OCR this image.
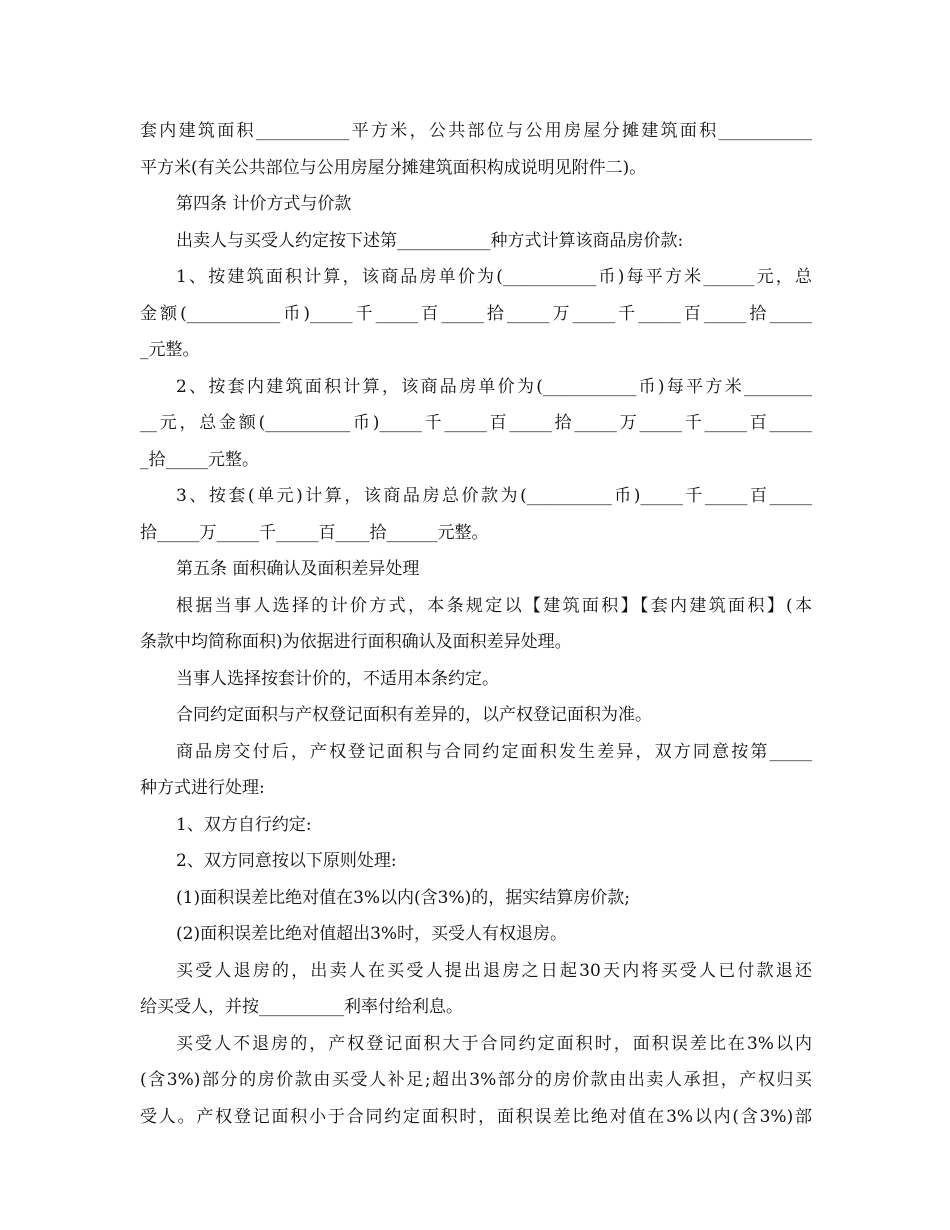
套内建筑面积___________平方米，公共部位与公用房屋分摊建筑面积___________
平方米(有关公共部位与公用房屋分摊建筑面积构成说明见附件二)。
第四条 计价方式与价款
出卖人与买受人约定按下述第___________种方式计算该商品房价款:
1、按建筑面积计算，该商品房单价为(___________币)每平方米______元，总
金额(___________币)_____千_____百_____拾_____万_____千_____百_____拾_____
_元整。
2、按套内建筑面积计算，该商品房单价为(___________币)每平方米________
__元，总金额(__________币)_____千_____百_____拾_____万_____千_____百_____
_拾_____元整。
3、按套(单元)计算，该商品房总价款为(__________币)_____千_____百_____
拾_____万_____千_____百____拾______元整。
第五条 面积确认及面积差异处理
根据当事人选择的计价方式，本条规定以【建筑面积】【套内建筑面积】(本
条款中均简称面积)为依据进行面积确认及面积差异处理。
当事人选择按套计价的，不适用本条约定。
合同约定面积与产权登记面积有差异的，以产权登记面积为准。
商品房交付后，产权登记面积与合同约定面积发生差异，双方同意按第_____
种方式进行处理:
1、双方自行约定:
2、双方同意按以下原则处理:
(1)面积误差比绝对值在3%以内(含3%)的，据实结算房价款;
(2)面积误差比绝对值超出3%时，买受人有权退房。
买受人退房的，出卖人在买受人提出退房之日起30天内将买受人已付款退还
给买受人，并按__________利率付给利息。
买受人不退房的，产权登记面积大于合同约定面积时，面积误差比在3%以内
(含3%)部分的房价款由买受人补足;超出3%部分的房价款由出卖人承担，产权归买
受人。产权登记面积小于合同约定面积时，面积误差比绝对值在3%以内(含3%)部
